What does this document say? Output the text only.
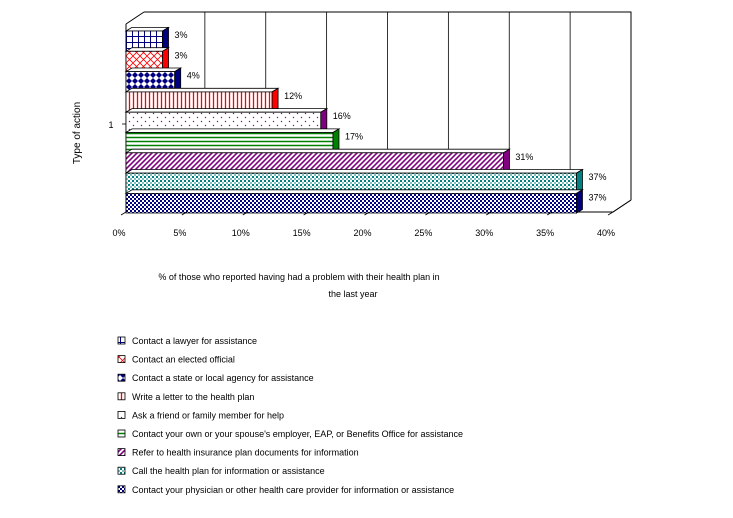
3%
3%
4%
12%
16%
17%
31%
37%
37%
0%	5%	10%	15%	20%	25%	30%	35%	40%
Type of action	1
% of those who reported having had a problem with their health plan in
the last year
Contact a lawyer for assistance
Contact an elected official
Contact a state or local agency for assistance
Write a letter to the health plan
Ask a friend or family member for help
Contact your own or your spouse's employer, EAP, or Benefits Office for assistance
Refer to health insurance plan documents for information
Call the health plan for information or assistance
Contact your physician or other health care provider for information or assistance
